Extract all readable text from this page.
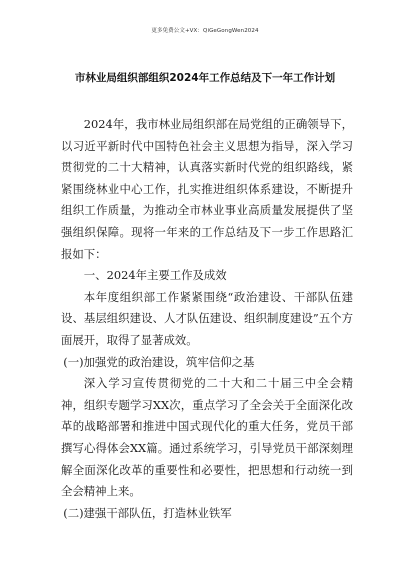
更多免费公文+VX：QiGeGongWen2024
市林业局组织部组织2024年工作总结及下一年工作计划

2024年，我市林业局组织部在局党组的正确领导下，以习近平新时代中国特色社会主义思想为指导，深入学习贯彻党的二十大精神，认真落实新时代党的组织路线，紧紧围绕林业中心工作，扎实推进组织体系建设，不断提升组织工作质量，为推动全市林业事业高质量发展提供了坚强组织保障。现将一年来的工作总结及下一步工作思路汇报如下：

一、2024年主要工作及成效

本年度组织部工作紧紧围绕“政治建设、干部队伍建设、基层组织建设、人才队伍建设、组织制度建设”五个方面展开，取得了显著成效。

(一)加强党的政治建设，筑牢信仰之基

深入学习宣传贯彻党的二十大和二十届三中全会精神，组织专题学习XX次，重点学习了全会关于全面深化改革的战略部署和推进中国式现代化的重大任务，党员干部撰写心得体会XX篇。通过系统学习，引导党员干部深刻理解全面深化改革的重要性和必要性，把思想和行动统一到全会精神上来。

(二)建强干部队伍，打造林业铁军
